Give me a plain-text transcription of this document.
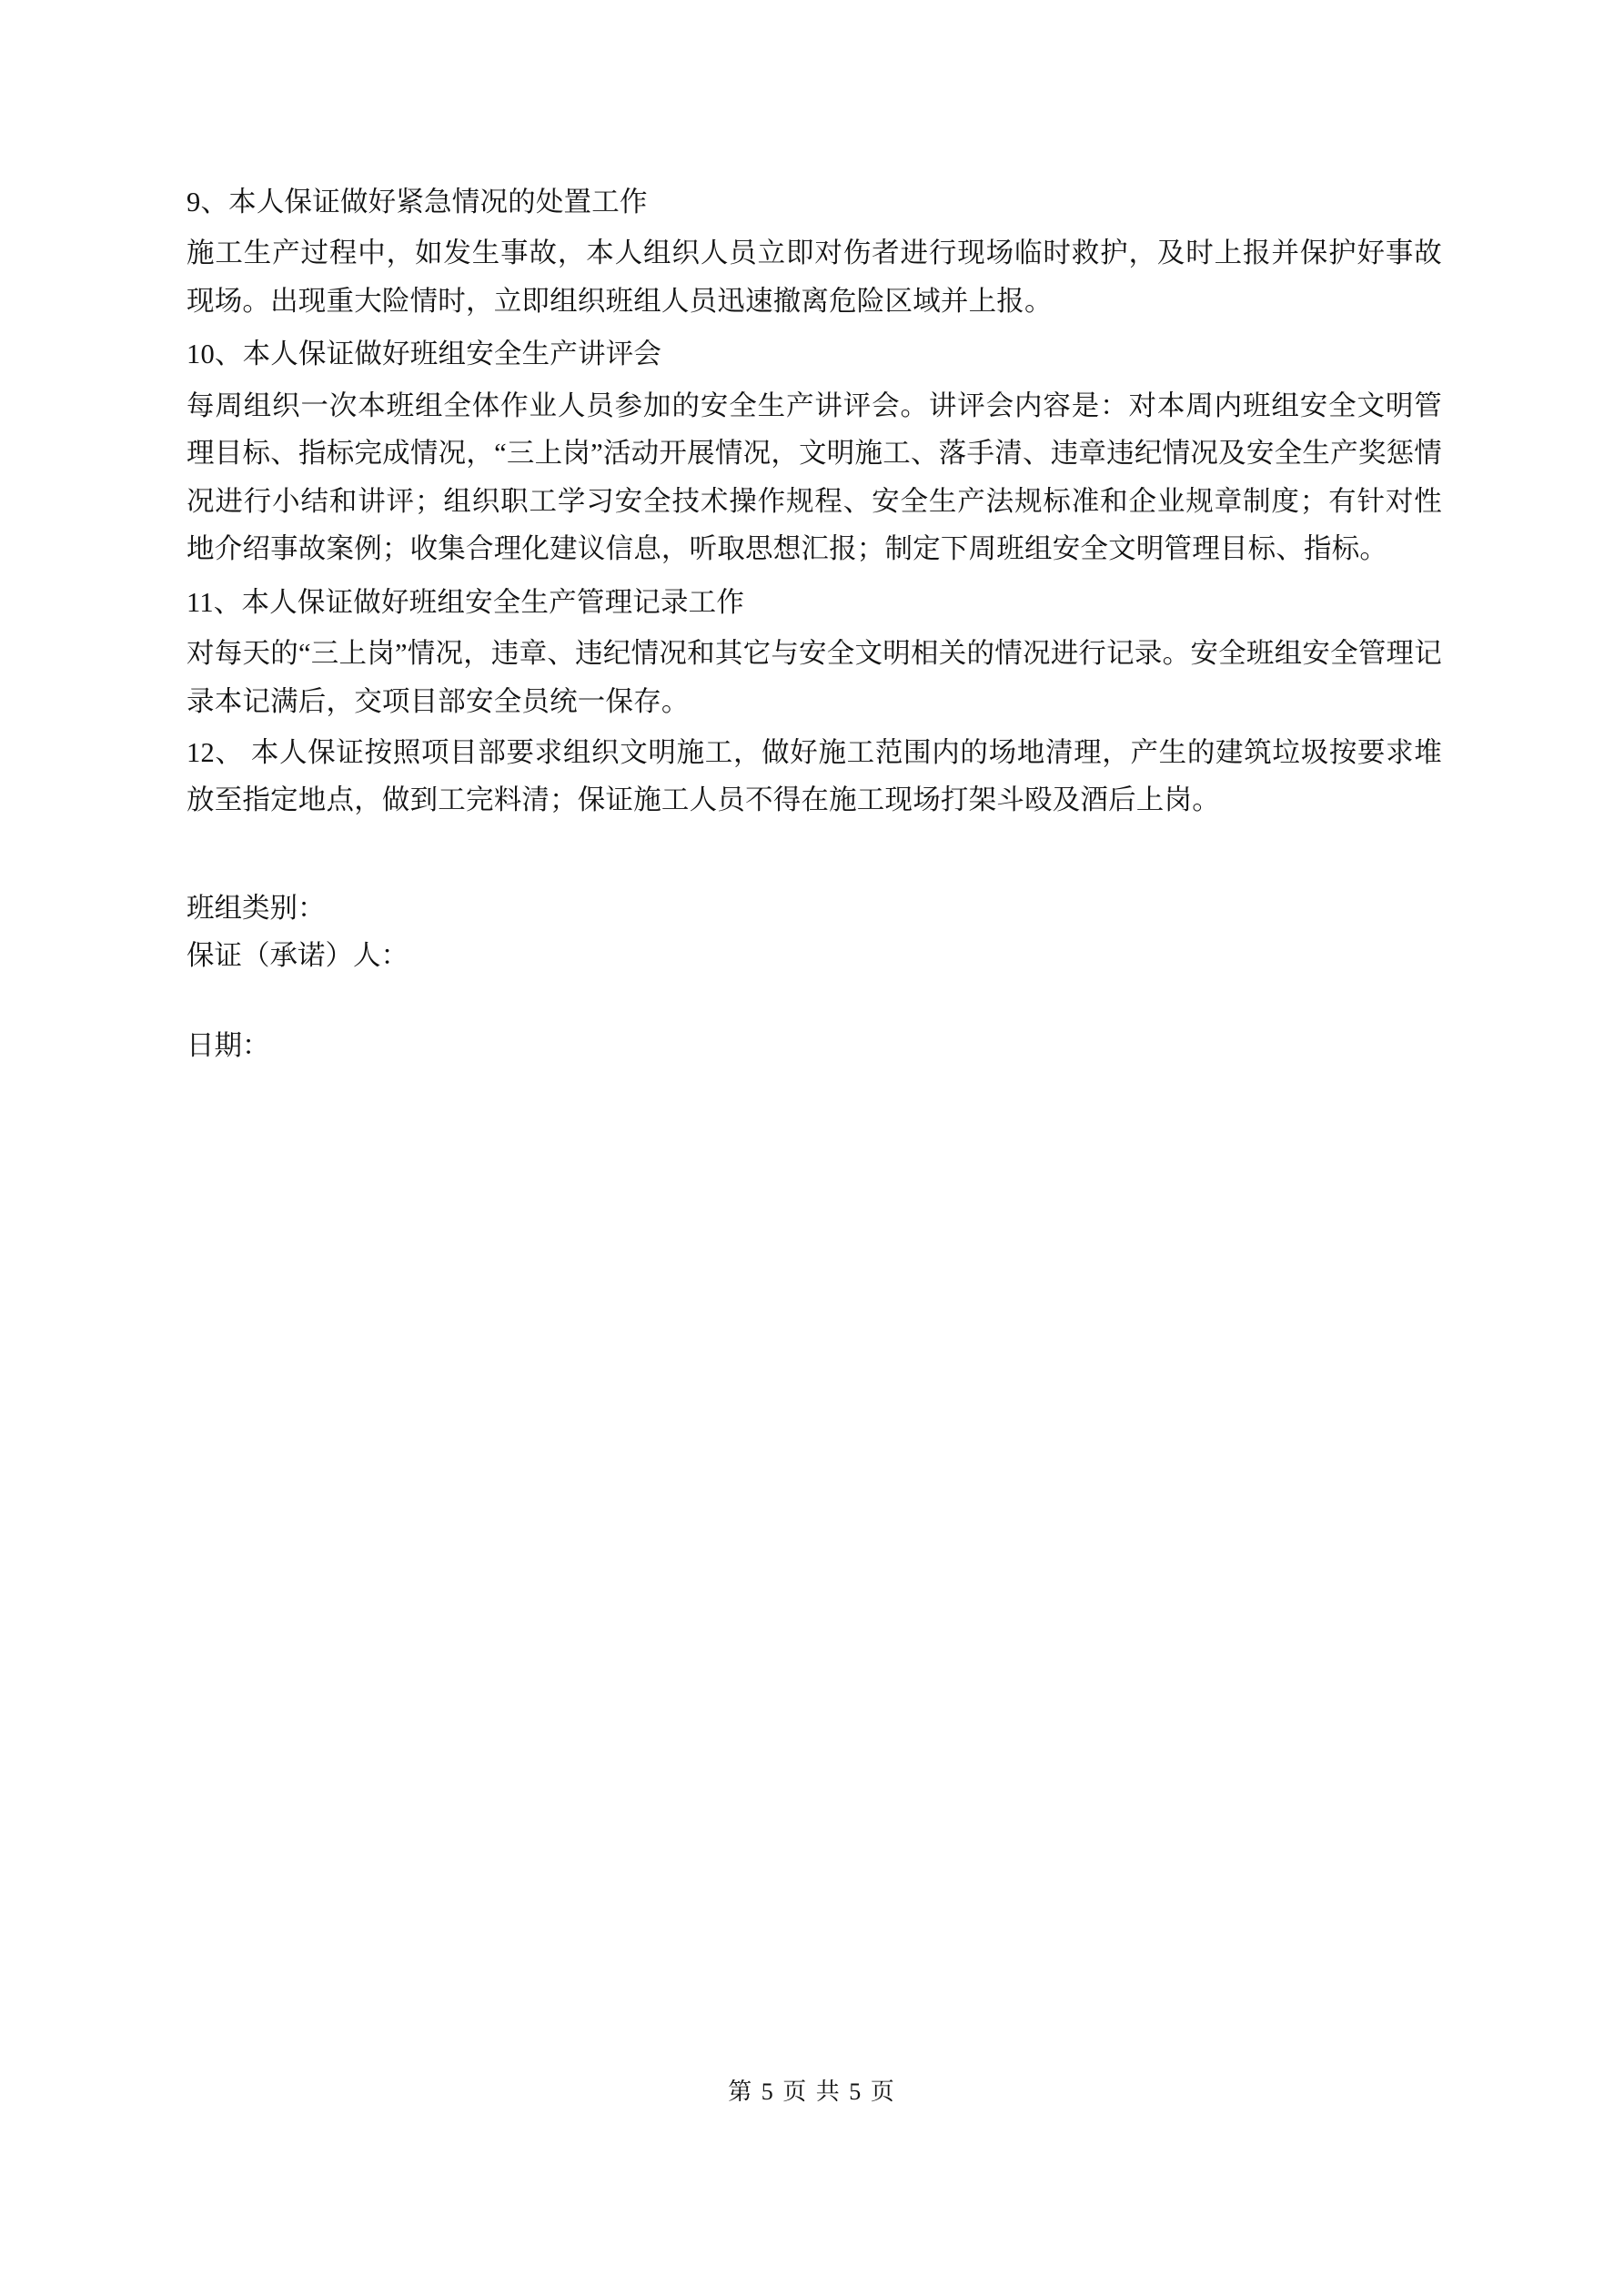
9、本人保证做好紧急情况的处置工作

施工生产过程中，如发生事故，本人组织人员立即对伤者进行现场临时救护，及时上报并保护好事故现场。出现重大险情时，立即组织班组人员迅速撤离危险区域并上报。

10、本人保证做好班组安全生产讲评会

每周组织一次本班组全体作业人员参加的安全生产讲评会。讲评会内容是：对本周内班组安全文明管理目标、指标完成情况，“三上岗”活动开展情况，文明施工、落手清、违章违纪情况及安全生产奖惩情况进行小结和讲评；组织职工学习安全技术操作规程、安全生产法规标准和企业规章制度；有针对性地介绍事故案例；收集合理化建议信息，听取思想汇报；制定下周班组安全文明管理目标、指标。

11、本人保证做好班组安全生产管理记录工作

对每天的“三上岗”情况，违章、违纪情况和其它与安全文明相关的情况进行记录。安全班组安全管理记录本记满后，交项目部安全员统一保存。

12、 本人保证按照项目部要求组织文明施工，做好施工范围内的场地清理，产生的建筑垃圾按要求堆放至指定地点，做到工完料清；保证施工人员不得在施工现场打架斗殴及酒后上岗。

班组类别：

保证（承诺）人：

日期：

第 5 页 共 5 页
